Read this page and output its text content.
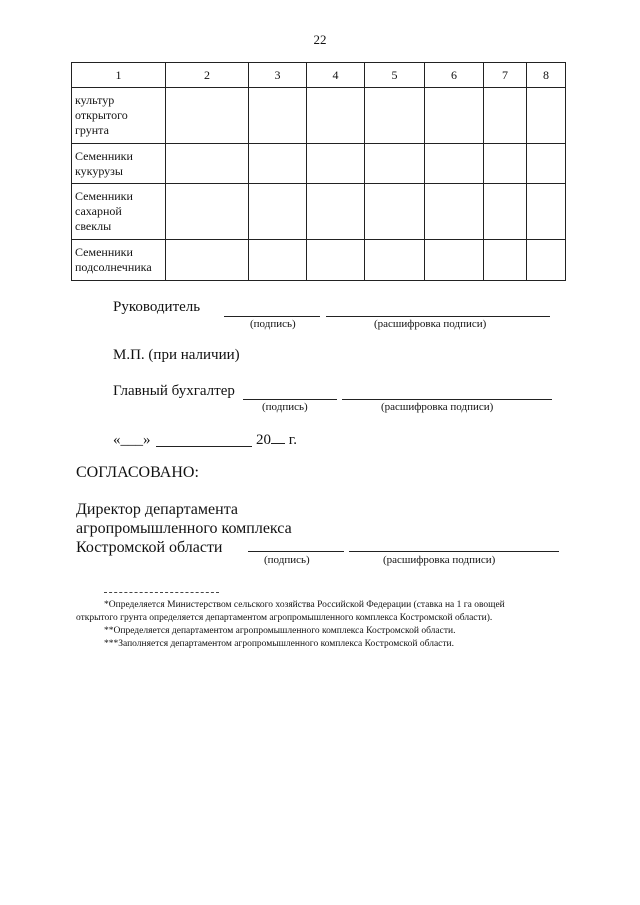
22
1	2	3	4	5	6	7	8

культур
открытого
грунта							

Семенники
кукурузы							

Семенники
сахарной
свеклы							

Семенники
подсолнечника							

Руководитель
(подпись)	(расшифровка подписи)
М.П. (при наличии)
Главный бухгалтер
(подпись)	(расшифровка подписи)
«___»	20 г.
СОГЛАСОВАНО:
Директор департамента
агропромышленного комплекса
Костромской области
(подпись)	(расшифровка подписи)
*Определяется Министерством сельского хозяйства Российской Федерации (ставка на 1 га овощей
открытого грунта определяется департаментом агропромышленного комплекса Костромской области).
**Определяется департаментом агропромышленного комплекса Костромской области.
***Заполняется департаментом агропромышленного комплекса Костромской области.
